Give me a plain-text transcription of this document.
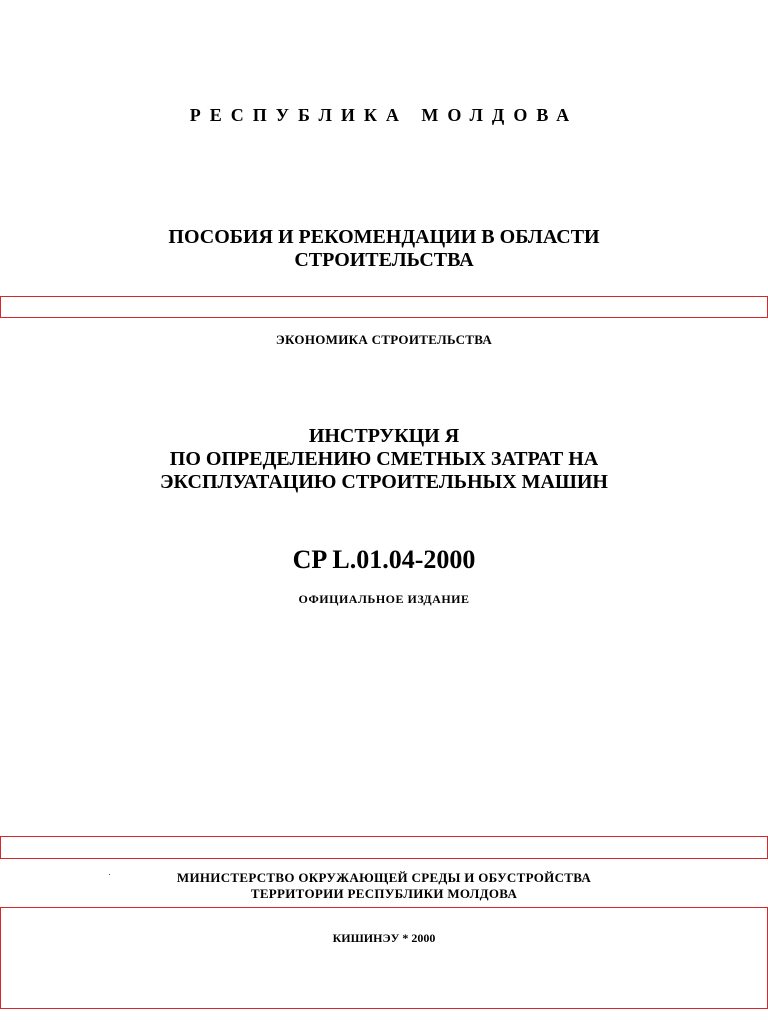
РЕСПУБЛИКА МОЛДОВА
ПОСОБИЯ И РЕКОМЕНДАЦИИ В ОБЛАСТИ
СТРОИТЕЛЬСТВА
ЭКОНОМИКА СТРОИТЕЛЬСТВА
ИНСТРУКЦИ Я
ПО ОПРЕДЕЛЕНИЮ СМЕТНЫХ ЗАТРАТ НА
ЭКСПЛУАТАЦИЮ СТРОИТЕЛЬНЫХ МАШИН
CP L.01.04-2000
ОФИЦИАЛЬНОЕ ИЗДАНИЕ
МИНИСТЕРСТВО ОКРУЖАЮЩЕЙ СРЕДЫ И ОБУСТРОЙСТВА
ТЕРРИТОРИИ РЕСПУБЛИКИ МОЛДОВА
КИШИНЭУ * 2000
